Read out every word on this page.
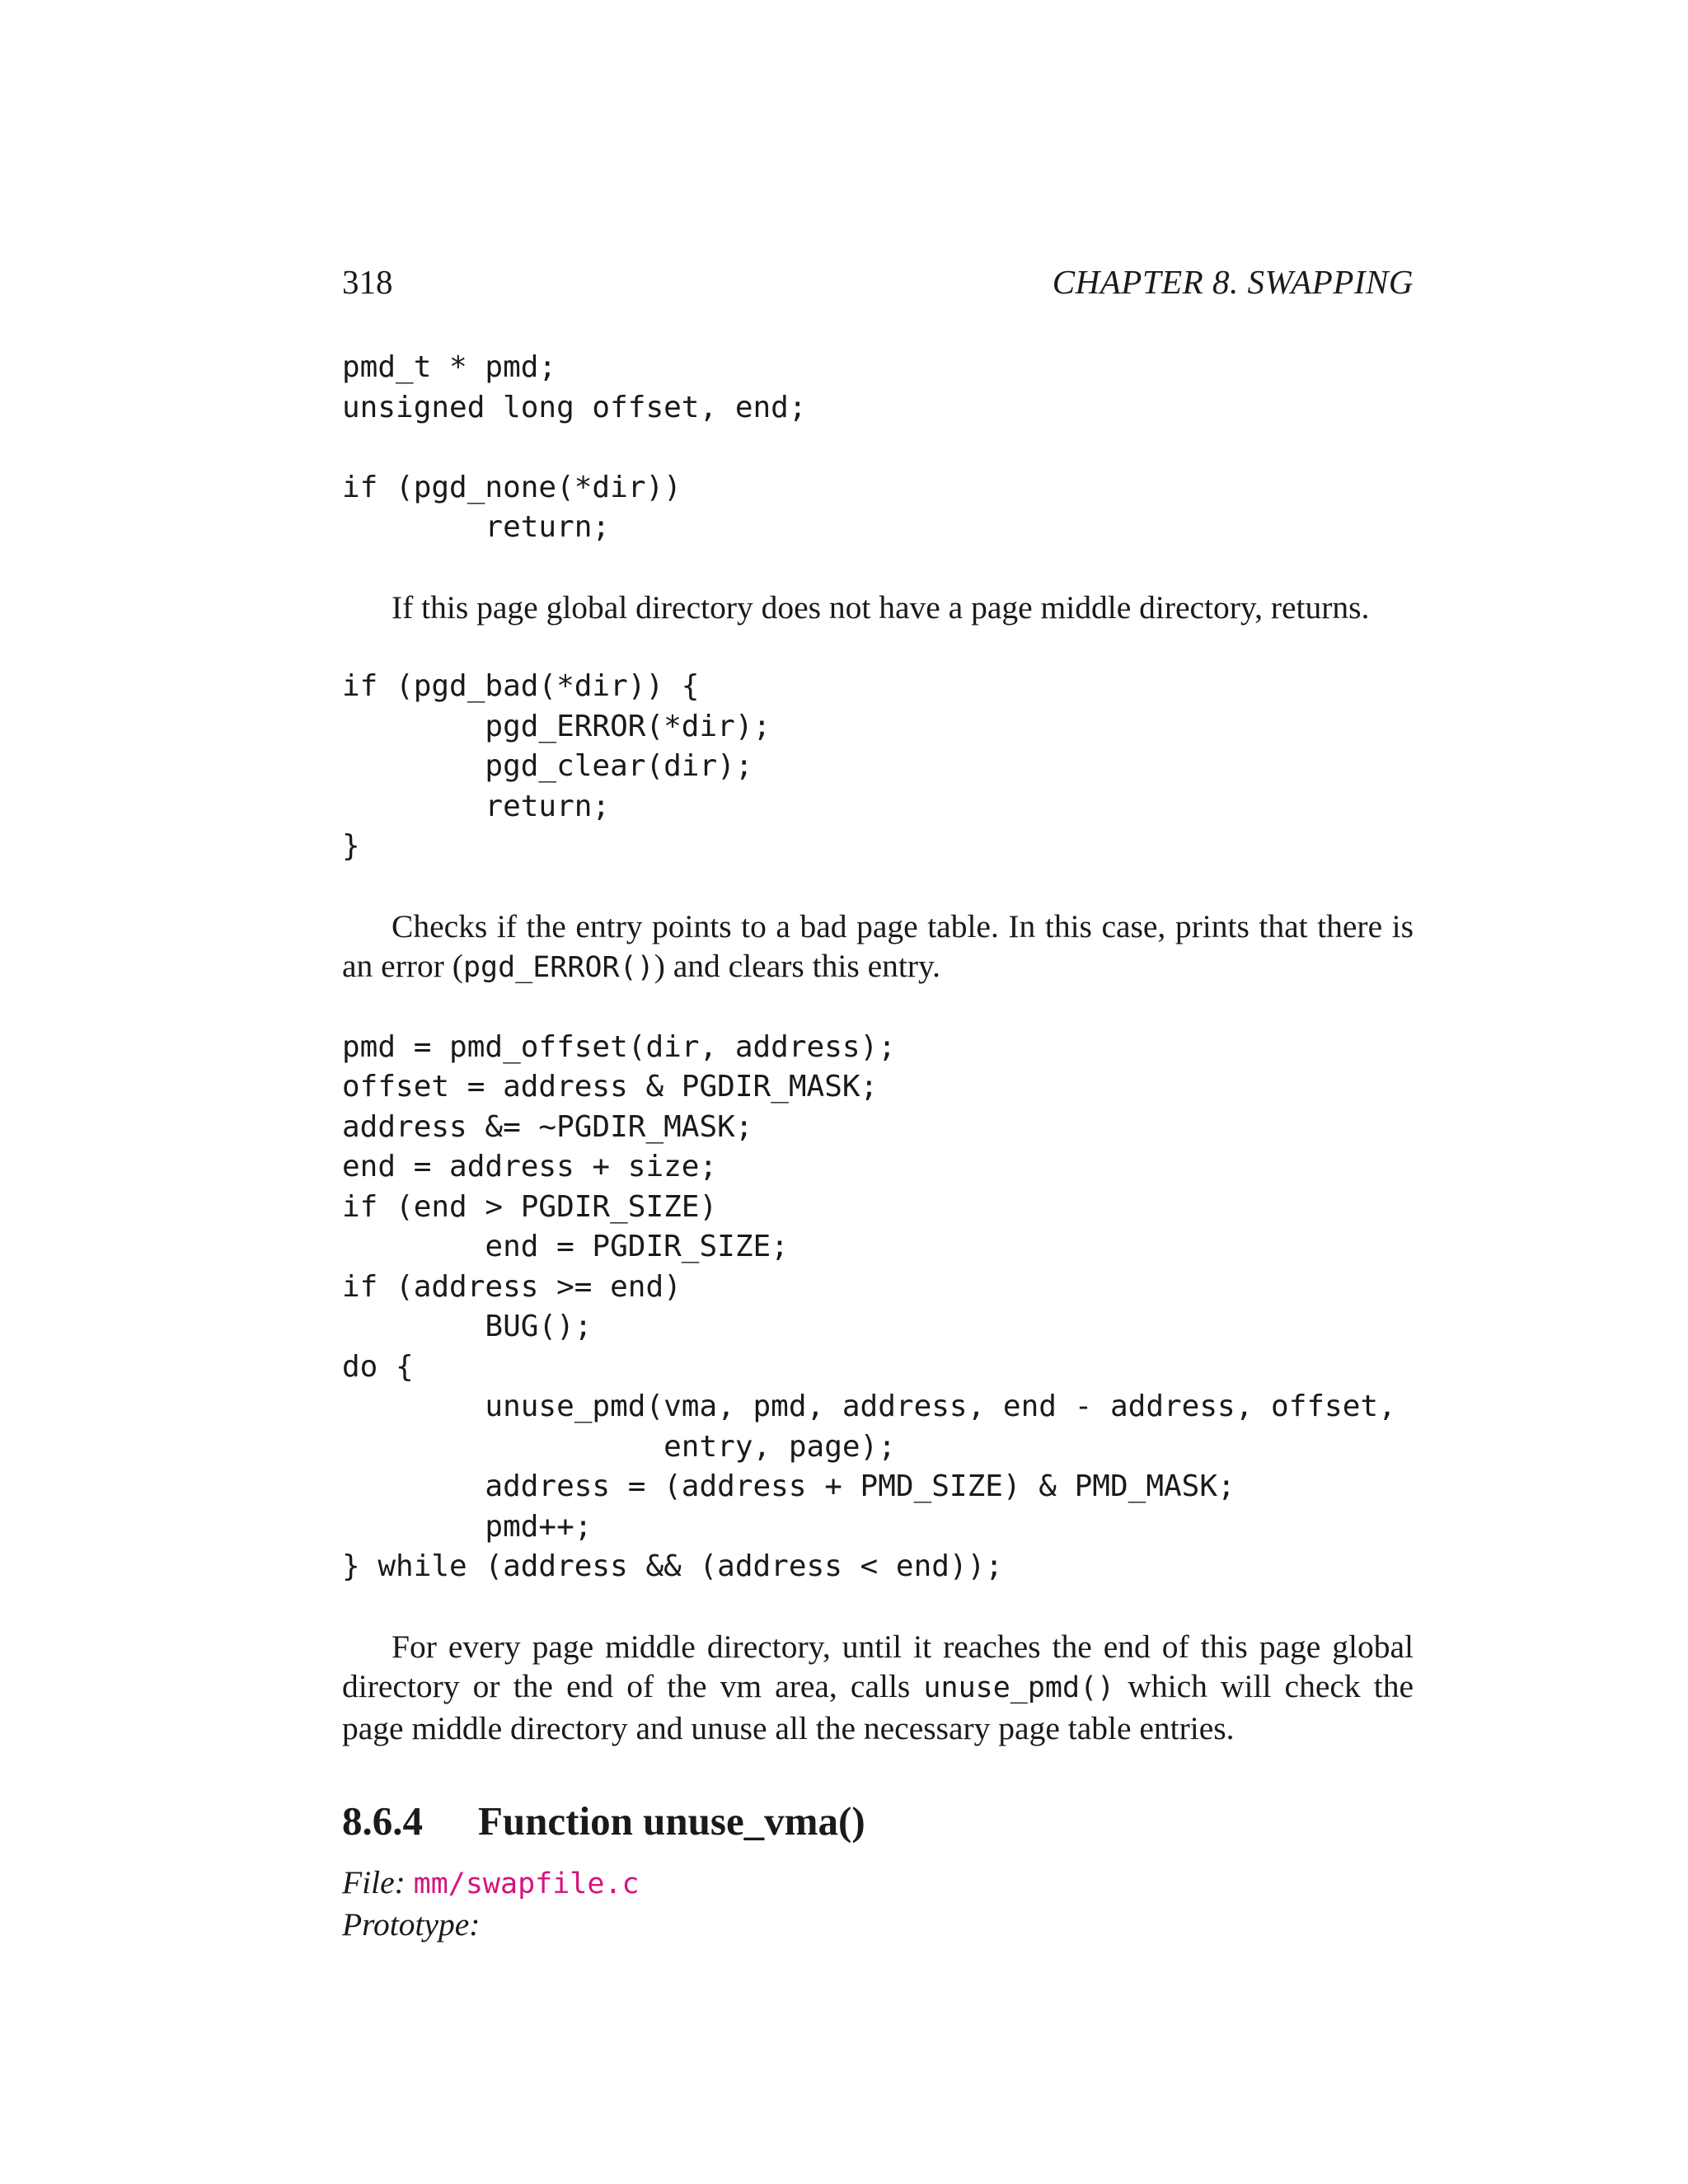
318	CHAPTER 8. SWAPPING
pmd_t * pmd;
unsigned long offset, end;

if (pgd_none(*dir))
return;

If this page global directory does not have a page middle directory, returns.

if (pgd_bad(*dir)) {
pgd_ERROR(*dir);
pgd_clear(dir);
return;
}

Checks if the entry points to a bad page table. In this case, prints that there is an error (pgd_ERROR()) and clears this entry.

pmd = pmd_offset(dir, address);
offset = address & PGDIR_MASK;
address &= ~PGDIR_MASK;
end = address + size;
if (end > PGDIR_SIZE)
end = PGDIR_SIZE;
if (address >= end)
BUG();
do {
unuse_pmd(vma, pmd, address, end - address, offset,
entry, page);
address = (address + PMD_SIZE) & PMD_MASK;
pmd++;
} while (address && (address < end));

For every page middle directory, until it reaches the end of this page global directory or the end of the vm area, calls unuse_pmd() which will check the page middle directory and unuse all the necessary page table entries.

8.6.4	Function unuse_vma()
File: mm/swapfile.c
Prototype:
